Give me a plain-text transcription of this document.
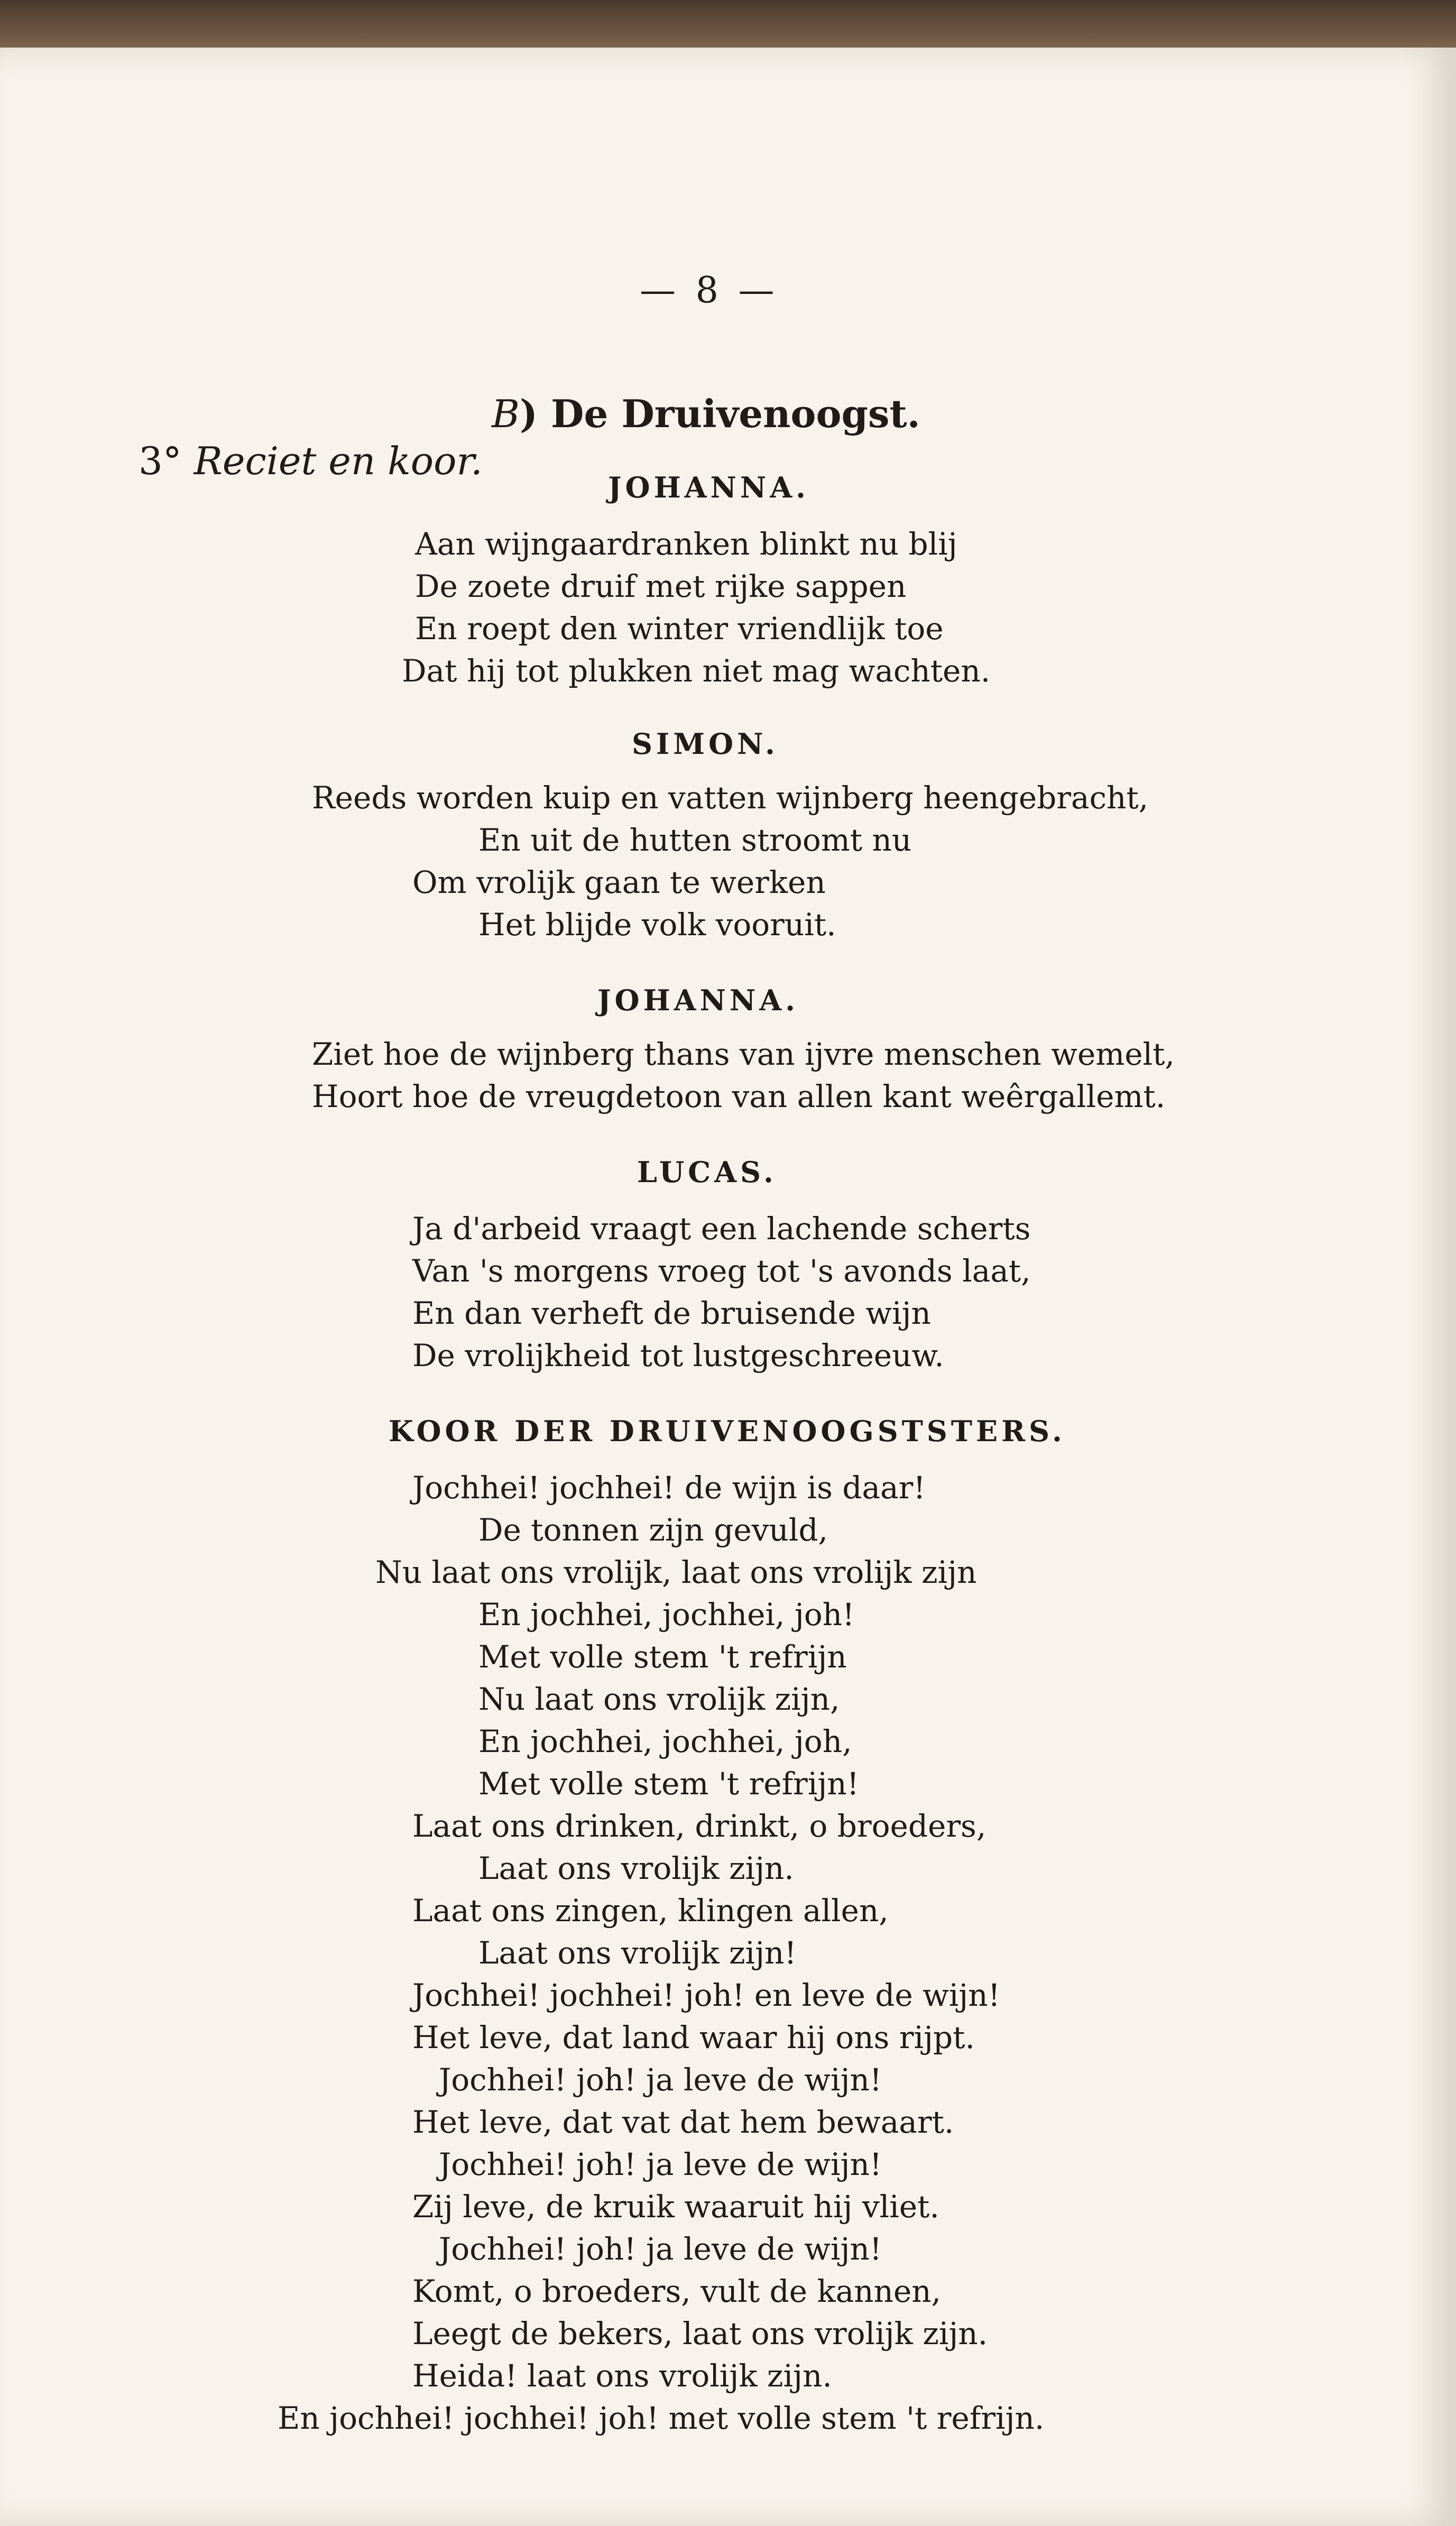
— 8 —
B) De Druivenoogst.
3° Reciet en koor.
JOHANNA.
Aan wijngaardranken blinkt nu blij
De zoete druif met rijke sappen
En roept den winter vriendlijk toe
Dat hij tot plukken niet mag wachten.
SIMON.
Reeds worden kuip en vatten wijnberg heengebracht,
En uit de hutten stroomt nu
Om vrolijk gaan te werken
Het blijde volk vooruit.
JOHANNA.
Ziet hoe de wijnberg thans van ijvre menschen wemelt,
Hoort hoe de vreugdetoon van allen kant weêrgallemt.
LUCAS.
Ja d'arbeid vraagt een lachende scherts
Van 's morgens vroeg tot 's avonds laat,
En dan verheft de bruisende wijn
De vrolijkheid tot lustgeschreeuw.
KOOR DER DRUIVENOOGSTSTERS.
Jochhei! jochhei! de wijn is daar!
De tonnen zijn gevuld,
Nu laat ons vrolijk, laat ons vrolijk zijn
En jochhei, jochhei, joh!
Met volle stem 't refrijn
Nu laat ons vrolijk zijn,
En jochhei, jochhei, joh,
Met volle stem 't refrijn!
Laat ons drinken, drinkt, o broeders,
Laat ons vrolijk zijn.
Laat ons zingen, klingen allen,
Laat ons vrolijk zijn!
Jochhei! jochhei! joh! en leve de wijn!
Het leve, dat land waar hij ons rijpt.
Jochhei! joh! ja leve de wijn!
Het leve, dat vat dat hem bewaart.
Jochhei! joh! ja leve de wijn!
Zij leve, de kruik waaruit hij vliet.
Jochhei! joh! ja leve de wijn!
Komt, o broeders, vult de kannen,
Leegt de bekers, laat ons vrolijk zijn.
Heida! laat ons vrolijk zijn.
En jochhei! jochhei! joh! met volle stem 't refrijn.
